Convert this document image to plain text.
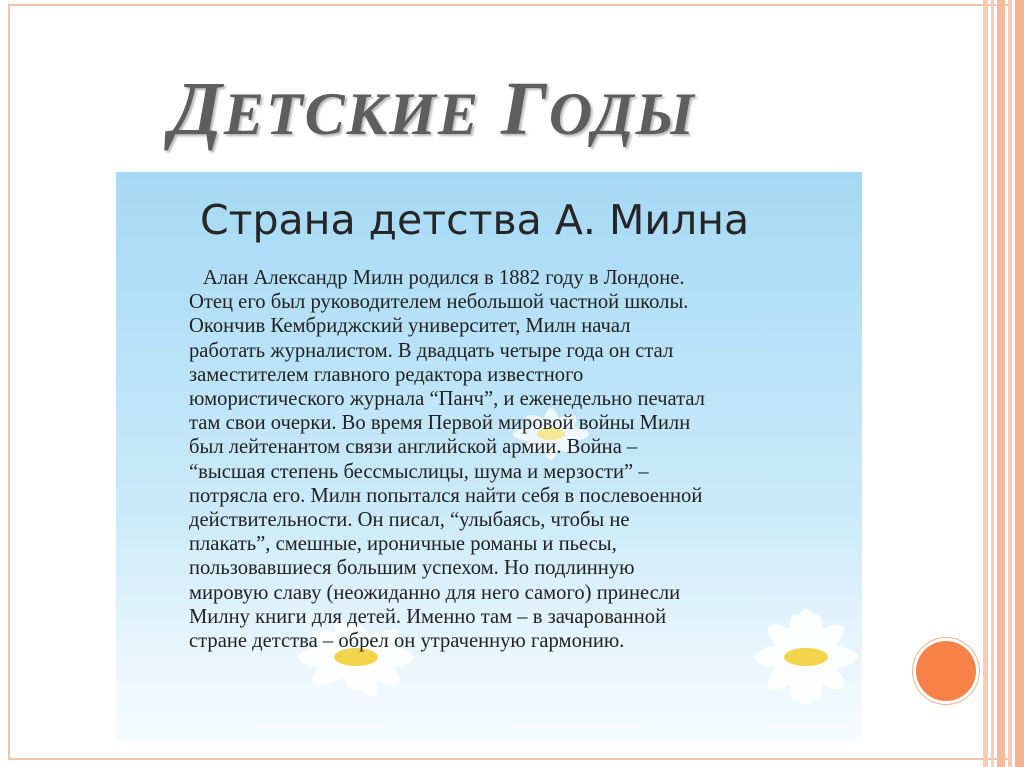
ДЕТСКИЕ ГОДЫ
Страна детства А. Милна

Алан Александр Милн родился в 1882 году в Лондоне.
Отец его был руководителем небольшой частной школы.
Окончив Кембриджский университет, Милн начал
работать журналистом. В двадцать четыре года он стал
заместителем главного редактора известного
юмористического журнала “Панч”, и еженедельно печатал
там свои очерки. Во время Первой мировой войны Милн
был лейтенантом связи английской армии. Война –
“высшая степень бессмыслицы, шума и мерзости” –
потрясла его. Милн попытался найти себя в послевоенной
действительности. Он писал, “улыбаясь, чтобы не
плакать”, смешные, ироничные романы и пьесы,
пользовавшиеся большим успехом. Но подлинную
мировую славу (неожиданно для него самого) принесли
Милну книги для детей. Именно там – в зачарованной
стране детства – обрел он утраченную гармонию.
